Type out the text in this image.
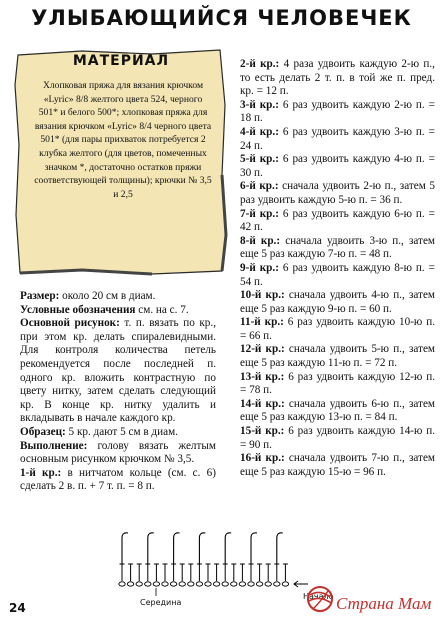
УЛЫБАЮЩИЙСЯ ЧЕЛОВЕЧЕК
МАТЕРИАЛ
Хлопковая пряжа для вязания крючком «Lyric» 8/8 желтого цвета 524, черного 501* и белого 500*; хлопковая пряжа для вязания крючком «Lyric» 8/4 черного цвета 501* (для пары прихваток потребуется 2 клубка желтого (для цветов, помеченных значком *, достаточно остатков пряжи соответствующей толщины); крючки № 3,5 и 2,5

Размер: около 20 см в диам.

Условные обозначения см. на с. 7.

Основной рисунок: т. п. вязать по кр., при этом кр. делать спиралевидными. Для контроля количества петель рекомендуется после последней п. одного кр. вложить контрастную по цвету нитку, затем сделать следующий кр. В конце кр. нитку удалить и вкладывать в начале каждого кр.

Образец: 5 кр. дают 5 см в диам.

Выполнение: голову вязать желтым основным рисунком крючком № 3,5.

1-й кр.: в нитчатом кольце (см. с. 6) сделать 2 в. п. + 7 т. п. = 8 п.

2-й кр.: 4 раза удвоить каждую 2-ю п., то есть делать 2 т. п. в той же п. пред. кр. = 12 п.

3-й кр.: 6 раз удвоить каждую 2-ю п. = 18 п.

4-й кр.: 6 раз удвоить каждую 3-ю п. = 24 п.

5-й кр.: 6 раз удвоить каждую 4-ю п. = 30 п.

6-й кр.: сначала удвоить 2-ю п., затем 5 раз удвоить каждую 5-ю п. = 36 п.

7-й кр.: 6 раз удвоить каждую 6-ю п. = 42 п.

8-й кр.: сначала удвоить 3-ю п., затем еще 5 раз каждую 7-ю п. = 48 п.

9-й кр.: 6 раз удвоить каждую 8-ю п. = 54 п.

10-й кр.: сначала удвоить 4-ю п., затем еще 5 раз каждую 9-ю п. = 60 п.

11-й кр.: 6 раз удвоить каждую 10-ю п. = 66 п.

12-й кр.: сначала удвоить 5-ю п., затем еще 5 раз каждую 11-ю п. = 72 п.

13-й кр.: 6 раз удвоить каждую 12-ю п. = 78 п.

14-й кр.: сначала удвоить 6-ю п., затем еще 5 раз каждую 13-ю п. = 84 п.

15-й кр.: 6 раз удвоить каждую 14-ю п. = 90 п.

16-й кр.: сначала удвоить 7-ю п., затем еще 5 раз каждую 15-ю = 96 п.

Середина
Начало
24	Страна Мам
